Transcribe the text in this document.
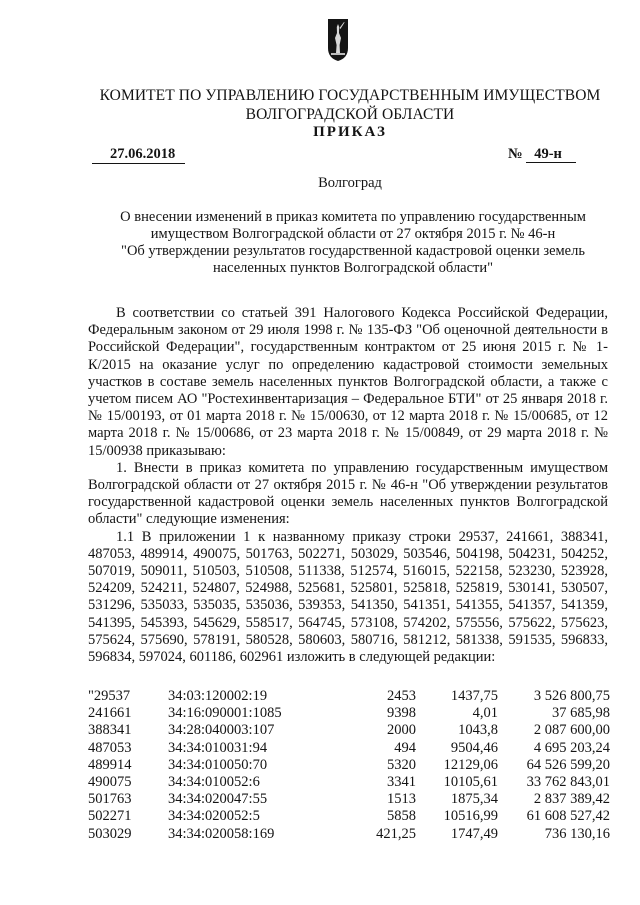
КОМИТЕТ ПО УПРАВЛЕНИЮ ГОСУДАРСТВЕННЫМ ИМУЩЕСТВОМ
ВОЛГОГРАДСКОЙ ОБЛАСТИ
ПРИКАЗ
27.06.2018	№ 49-н
Волгоград
О внесении изменений в приказ комитета по управлению государственным
имуществом Волгоградской области от 27 октября 2015 г. № 46-н
"Об утверждении результатов государственной кадастровой оценки земель
населенных пунктов Волгоградской области"

В соответствии со статьей 391 Налогового Кодекса Российской Федерации, Федеральным законом от 29 июля 1998 г. № 135-ФЗ "Об оценочной деятельности в Российской Федерации", государственным контрактом от 25 июня 2015 г. № 1-К/2015 на оказание услуг по определению кадастровой стоимости земельных участков в составе земель населенных пунктов Волгоградской области, а также с учетом писем АО "Ростехинвентаризация – Федеральное БТИ" от 25 января 2018 г. № 15/00193, от 01 марта 2018 г. № 15/00630, от 12 марта 2018 г. № 15/00685, от 12 марта 2018 г. № 15/00686, от 23 марта 2018 г. № 15/00849, от 29 марта 2018 г. № 15/00938 приказываю:

1. Внести в приказ комитета по управлению государственным имуществом Волгоградской области от 27 октября 2015 г. № 46-н "Об утверждении результатов государственной кадастровой оценки земель населенных пунктов Волгоградской области" следующие изменения:

1.1 В приложении 1 к названному приказу строки 29537, 241661, 388341, 487053, 489914, 490075, 501763, 502271, 503029, 503546, 504198, 504231, 504252, 507019, 509011, 510503, 510508, 511338, 512574, 516015, 522158, 523230, 523928, 524209, 524211, 524807, 524988, 525681, 525801, 525818, 525819, 530141, 530507, 531296, 535033, 535035, 535036, 539353, 541350, 541351, 541355, 541357, 541359, 541395, 545393, 545629, 558517, 564745, 573108, 574202, 575556, 575622, 575623, 575624, 575690, 578191, 580528, 580603, 580716, 581212, 581338, 591535, 596833, 596834, 597024, 601186, 602961 изложить в следующей редакции:

"29537	34:03:120002:19	2453	1437,75	3 526 800,75
241661	34:16:090001:1085	9398	4,01	37 685,98
388341	34:28:040003:107	2000	1043,8	2 087 600,00
487053	34:34:010031:94	494	9504,46	4 695 203,24
489914	34:34:010050:70	5320	12129,06	64 526 599,20
490075	34:34:010052:6	3341	10105,61	33 762 843,01
501763	34:34:020047:55	1513	1875,34	2 837 389,42
502271	34:34:020052:5	5858	10516,99	61 608 527,42
503029	34:34:020058:169	421,25	1747,49	736 130,16
